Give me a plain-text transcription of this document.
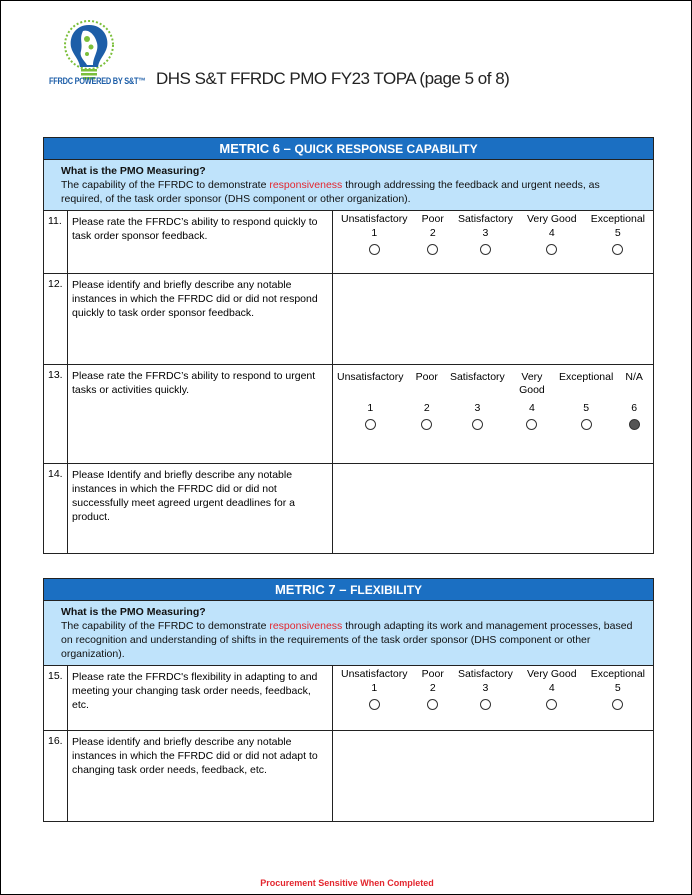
FFRDC POWERED BY S&T™ DHS S&T FFRDC PMO FY23 TOPA (page 5 of 8)
METRIC 6 – QUICK RESPONSE CAPABILITY
What is the PMO Measuring?
The capability of the FFRDC to demonstrate responsiveness through addressing the feedback and urgent needs, as required, of the task order sponsor (DHS component or other organization).
11. Please rate the FFRDC’s ability to respond quickly to task order sponsor feedback.
Unsatisfactory
1
Poor
2
Satisfactory
3
Very Good
4
Exceptional
5
12. Please identify and briefly describe any notable instances in which the FFRDC did or did not respond quickly to task order sponsor feedback.
13. Please rate the FFRDC’s ability to respond to urgent tasks or activities quickly.
Unsatisfactory
1
Poor
2
Satisfactory
3
Very Good
4
Exceptional
5
N/A
6
14. Please Identify and briefly describe any notable instances in which the FFRDC did or did not successfully meet agreed urgent deadlines for a product.
METRIC 7 – FLEXIBILITY
What is the PMO Measuring?
The capability of the FFRDC to demonstrate responsiveness through adapting its work and management processes, based on recognition and understanding of shifts in the requirements of the task order sponsor (DHS component or other organization).
15. Please rate the FFRDC's flexibility in adapting to and meeting your changing task order needs, feedback, etc.
Unsatisfactory
1
Poor
2
Satisfactory
3
Very Good
4
Exceptional
5
16. Please identify and briefly describe any notable instances in which the FFRDC did or did not adapt to changing task order needs, feedback, etc.
Procurement Sensitive When Completed
